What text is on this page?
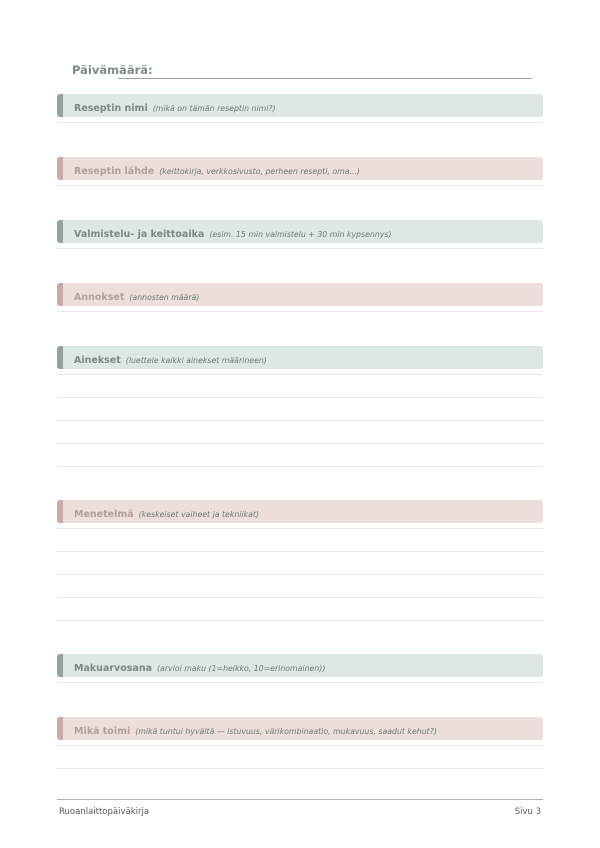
Päivämäärä:
Reseptin nimi (mikä on tämän reseptin nimi?)
Reseptin lähde (keittokirja, verkkosivusto, perheen resepti, oma...)
Valmistelu- ja keittoaika (esim. 15 min valmistelu + 30 min kypsennys)
Annokset (annosten määrä)
Ainekset (luettele kaikki ainekset määrineen)
Menetelmä (keskeiset vaiheet ja tekniikat)
Makuarvosana (arvioi maku (1=heikko, 10=erinomainen))
Mikä toimi (mikä tuntui hyvältä — istuvuus, värikombinaatio, mukavuus, saadut kehut?)
Ruoanlaittopäiväkirja	Sivu 3
